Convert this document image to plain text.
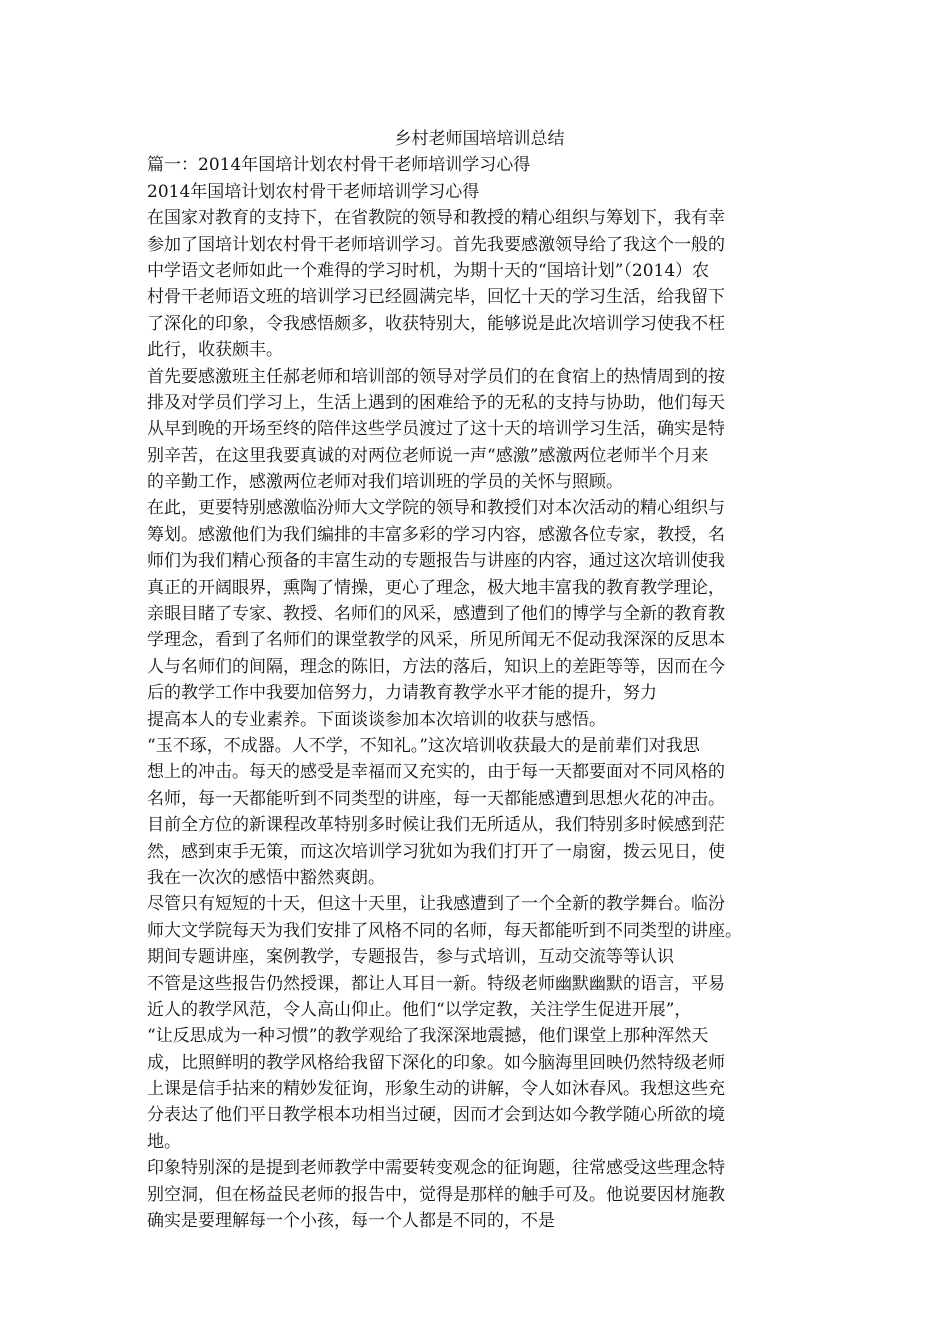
乡村老师国培培训总结
篇一：2014年国培计划农村骨干老师培训学习心得
2014年国培计划农村骨干老师培训学习心得
在国家对教育的支持下，在省教院的领导和教授的精心组织与筹划下，我有幸
参加了国培计划农村骨干老师培训学习。首先我要感激领导给了我这个一般的
中学语文老师如此一个难得的学习时机，为期十天的“国培计划”（2014）农
村骨干老师语文班的培训学习已经圆满完毕，回忆十天的学习生活，给我留下
了深化的印象，令我感悟颇多，收获特别大，能够说是此次培训学习使我不枉
此行，收获颇丰。
首先要感激班主任郝老师和培训部的领导对学员们的在食宿上的热情周到的按
排及对学员们学习上，生活上遇到的困难给予的无私的支持与协助，他们每天
从早到晚的开场至终的陪伴这些学员渡过了这十天的培训学习生活，确实是特
别辛苦，在这里我要真诚的对两位老师说一声“感激”感激两位老师半个月来
的辛勤工作，感激两位老师对我们培训班的学员的关怀与照顾。
在此，更要特别感激临汾师大文学院的领导和教授们对本次活动的精心组织与
筹划。感激他们为我们编排的丰富多彩的学习内容，感激各位专家，教授，名
师们为我们精心预备的丰富生动的专题报告与讲座的内容，通过这次培训使我
真正的开阔眼界，熏陶了情操，更心了理念，极大地丰富我的教育教学理论，
亲眼目睹了专家、教授、名师们的风采，感遭到了他们的博学与全新的教育教
学理念，看到了名师们的课堂教学的风采，所见所闻无不促动我深深的反思本
人与名师们的间隔，理念的陈旧，方法的落后，知识上的差距等等，因而在今
后的教学工作中我要加倍努力，力请教育教学水平才能的提升，努力
提高本人的专业素养。下面谈谈参加本次培训的收获与感悟。
“玉不琢，不成器。人不学，不知礼。”这次培训收获最大的是前辈们对我思
想上的冲击。每天的感受是幸福而又充实的，由于每一天都要面对不同风格的
名师，每一天都能听到不同类型的讲座，每一天都能感遭到思想火花的冲击。
目前全方位的新课程改革特别多时候让我们无所适从，我们特别多时候感到茫
然，感到束手无策，而这次培训学习犹如为我们打开了一扇窗，拨云见日，使
我在一次次的感悟中豁然爽朗。
尽管只有短短的十天，但这十天里，让我感遭到了一个全新的教学舞台。临汾
师大文学院每天为我们安排了风格不同的名师，每天都能听到不同类型的讲座。
期间专题讲座，案例教学，专题报告，参与式培训，互动交流等等认识
不管是这些报告仍然授课，都让人耳目一新。特级老师幽默幽默的语言，平易
近人的教学风范，令人高山仰止。他们“以学定教，关注学生促进开展”，
“让反思成为一种习惯”的教学观给了我深深地震撼，他们课堂上那种浑然天
成，比照鲜明的教学风格给我留下深化的印象。如今脑海里回映仍然特级老师
上课是信手拈来的精妙发征询，形象生动的讲解，令人如沐春风。我想这些充
分表达了他们平日教学根本功相当过硬，因而才会到达如今教学随心所欲的境
地。
印象特别深的是提到老师教学中需要转变观念的征询题，往常感受这些理念特
别空洞，但在杨益民老师的报告中，觉得是那样的触手可及。他说要因材施教
确实是要理解每一个小孩，每一个人都是不同的，不是
